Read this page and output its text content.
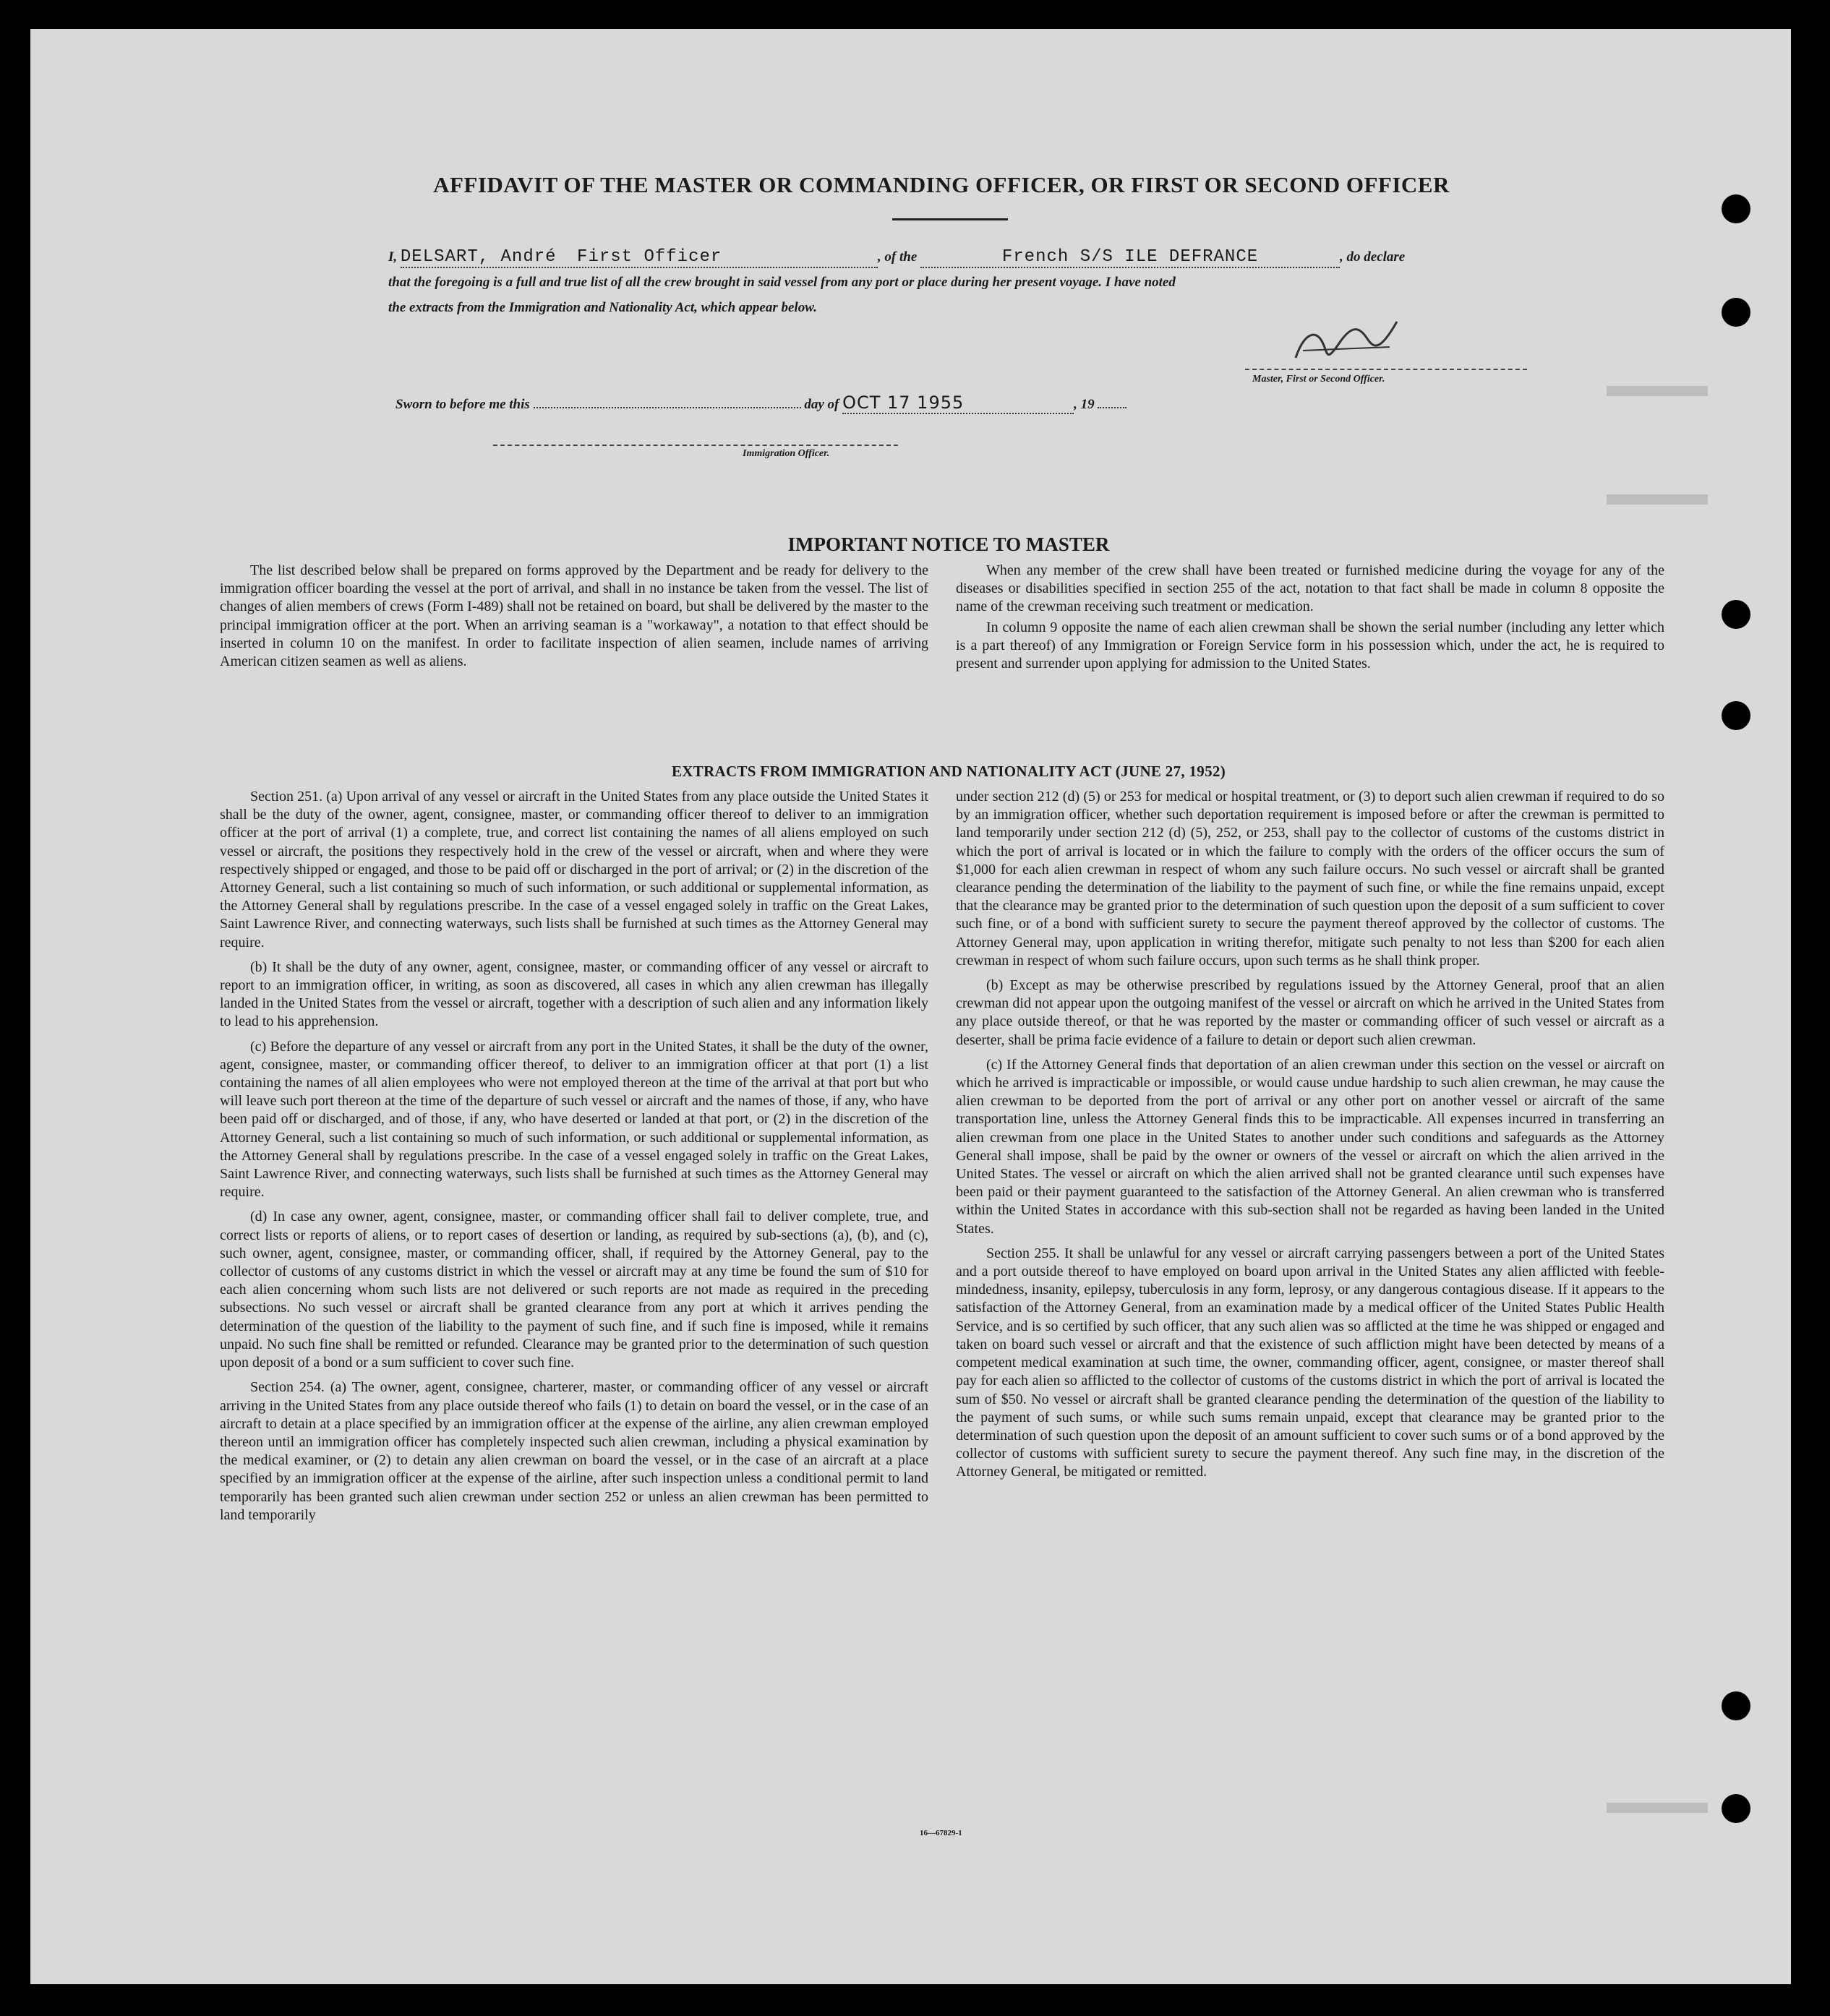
AFFIDAVIT OF THE MASTER OR COMMANDING OFFICER, OR FIRST OR SECOND OFFICER
I, DELSART, André First Officer	, of the	French S/S ILE DEFRANCE	, do declare
that the foregoing is a full and true list of all the crew brought in said vessel from any port or place during her present voyage. I have noted
the extracts from the Immigration and Nationality Act, which appear below.
Master, First or Second Officer.
Sworn to before me this	day of OCT 17 1955	, 19
Immigration Officer.
IMPORTANT NOTICE TO MASTER

The list described below shall be prepared on forms approved by the Department and be ready for delivery to the immigration officer boarding the vessel at the port of arrival, and shall in no instance be taken from the vessel. The list of changes of alien members of crews (Form I-489) shall not be retained on board, but shall be delivered by the master to the principal immigration officer at the port. When an arriving seaman is a "workaway", a notation to that effect should be inserted in column 10 on the manifest. In order to facilitate inspection of alien seamen, include names of arriving American citizen seamen as well as aliens.

When any member of the crew shall have been treated or furnished medicine during the voyage for any of the diseases or disabilities specified in section 255 of the act, notation to that fact shall be made in column 8 opposite the name of the crewman receiving such treatment or medication.

In column 9 opposite the name of each alien crewman shall be shown the serial number (including any letter which is a part thereof) of any Immigration or Foreign Service form in his possession which, under the act, he is required to present and surrender upon applying for admission to the United States.

EXTRACTS FROM IMMIGRATION AND NATIONALITY ACT (JUNE 27, 1952)

Section 251. (a) Upon arrival of any vessel or aircraft in the United States from any place outside the United States it shall be the duty of the owner, agent, consignee, master, or commanding officer thereof to deliver to an immigration officer at the port of arrival (1) a complete, true, and correct list containing the names of all aliens employed on such vessel or aircraft, the positions they respectively hold in the crew of the vessel or aircraft, when and where they were respectively shipped or engaged, and those to be paid off or discharged in the port of arrival; or (2) in the discretion of the Attorney General, such a list containing so much of such information, or such additional or supplemental information, as the Attorney General shall by regulations prescribe. In the case of a vessel engaged solely in traffic on the Great Lakes, Saint Lawrence River, and connecting waterways, such lists shall be furnished at such times as the Attorney General may require.

(b) It shall be the duty of any owner, agent, consignee, master, or commanding officer of any vessel or aircraft to report to an immigration officer, in writing, as soon as discovered, all cases in which any alien crewman has illegally landed in the United States from the vessel or aircraft, together with a description of such alien and any information likely to lead to his apprehension.

(c) Before the departure of any vessel or aircraft from any port in the United States, it shall be the duty of the owner, agent, consignee, master, or commanding officer thereof, to deliver to an immigration officer at that port (1) a list containing the names of all alien employees who were not employed thereon at the time of the arrival at that port but who will leave such port thereon at the time of the departure of such vessel or aircraft and the names of those, if any, who have been paid off or discharged, and of those, if any, who have deserted or landed at that port, or (2) in the discretion of the Attorney General, such a list containing so much of such information, or such additional or supplemental information, as the Attorney General shall by regulations prescribe. In the case of a vessel engaged solely in traffic on the Great Lakes, Saint Lawrence River, and connecting waterways, such lists shall be furnished at such times as the Attorney General may require.

(d) In case any owner, agent, consignee, master, or commanding officer shall fail to deliver complete, true, and correct lists or reports of aliens, or to report cases of desertion or landing, as required by sub-sections (a), (b), and (c), such owner, agent, consignee, master, or commanding officer, shall, if required by the Attorney General, pay to the collector of customs of any customs district in which the vessel or aircraft may at any time be found the sum of $10 for each alien concerning whom such lists are not delivered or such reports are not made as required in the preceding subsections. No such vessel or aircraft shall be granted clearance from any port at which it arrives pending the determination of the question of the liability to the payment of such fine, and if such fine is imposed, while it remains unpaid. No such fine shall be remitted or refunded. Clearance may be granted prior to the determination of such question upon deposit of a bond or a sum sufficient to cover such fine.

Section 254. (a) The owner, agent, consignee, charterer, master, or commanding officer of any vessel or aircraft arriving in the United States from any place outside thereof who fails (1) to detain on board the vessel, or in the case of an aircraft to detain at a place specified by an immigration officer at the expense of the airline, any alien crewman employed thereon until an immigration officer has completely inspected such alien crewman, including a physical examination by the medical examiner, or (2) to detain any alien crewman on board the vessel, or in the case of an aircraft at a place specified by an immigration officer at the expense of the airline, after such inspection unless a conditional permit to land temporarily has been granted such alien crewman under section 252 or unless an alien crewman has been permitted to land temporarily

under section 212 (d) (5) or 253 for medical or hospital treatment, or (3) to deport such alien crewman if required to do so by an immigration officer, whether such deportation requirement is imposed before or after the crewman is permitted to land temporarily under section 212 (d) (5), 252, or 253, shall pay to the collector of customs of the customs district in which the port of arrival is located or in which the failure to comply with the orders of the officer occurs the sum of $1,000 for each alien crewman in respect of whom any such failure occurs. No such vessel or aircraft shall be granted clearance pending the determination of the liability to the payment of such fine, or while the fine remains unpaid, except that the clearance may be granted prior to the determination of such question upon the deposit of a sum sufficient to cover such fine, or of a bond with sufficient surety to secure the payment thereof approved by the collector of customs. The Attorney General may, upon application in writing therefor, mitigate such penalty to not less than $200 for each alien crewman in respect of whom such failure occurs, upon such terms as he shall think proper.

(b) Except as may be otherwise prescribed by regulations issued by the Attorney General, proof that an alien crewman did not appear upon the outgoing manifest of the vessel or aircraft on which he arrived in the United States from any place outside thereof, or that he was reported by the master or commanding officer of such vessel or aircraft as a deserter, shall be prima facie evidence of a failure to detain or deport such alien crewman.

(c) If the Attorney General finds that deportation of an alien crewman under this section on the vessel or aircraft on which he arrived is impracticable or impossible, or would cause undue hardship to such alien crewman, he may cause the alien crewman to be deported from the port of arrival or any other port on another vessel or aircraft of the same transportation line, unless the Attorney General finds this to be impracticable. All expenses incurred in transferring an alien crewman from one place in the United States to another under such conditions and safeguards as the Attorney General shall impose, shall be paid by the owner or owners of the vessel or aircraft on which the alien arrived in the United States. The vessel or aircraft on which the alien arrived shall not be granted clearance until such expenses have been paid or their payment guaranteed to the satisfaction of the Attorney General. An alien crewman who is transferred within the United States in accordance with this sub-section shall not be regarded as having been landed in the United States.

Section 255. It shall be unlawful for any vessel or aircraft carrying passengers between a port of the United States and a port outside thereof to have employed on board upon arrival in the United States any alien afflicted with feeble-mindedness, insanity, epilepsy, tuberculosis in any form, leprosy, or any dangerous contagious disease. If it appears to the satisfaction of the Attorney General, from an examination made by a medical officer of the United States Public Health Service, and is so certified by such officer, that any such alien was so afflicted at the time he was shipped or engaged and taken on board such vessel or aircraft and that the existence of such affliction might have been detected by means of a competent medical examination at such time, the owner, commanding officer, agent, consignee, or master thereof shall pay for each alien so afflicted to the collector of customs of the customs district in which the port of arrival is located the sum of $50. No vessel or aircraft shall be granted clearance pending the determination of the question of the liability to the payment of such sums, or while such sums remain unpaid, except that clearance may be granted prior to the determination of such question upon the deposit of an amount sufficient to cover such sums or of a bond approved by the collector of customs with sufficient surety to secure the payment thereof. Any such fine may, in the discretion of the Attorney General, be mitigated or remitted.

16—67829-1
